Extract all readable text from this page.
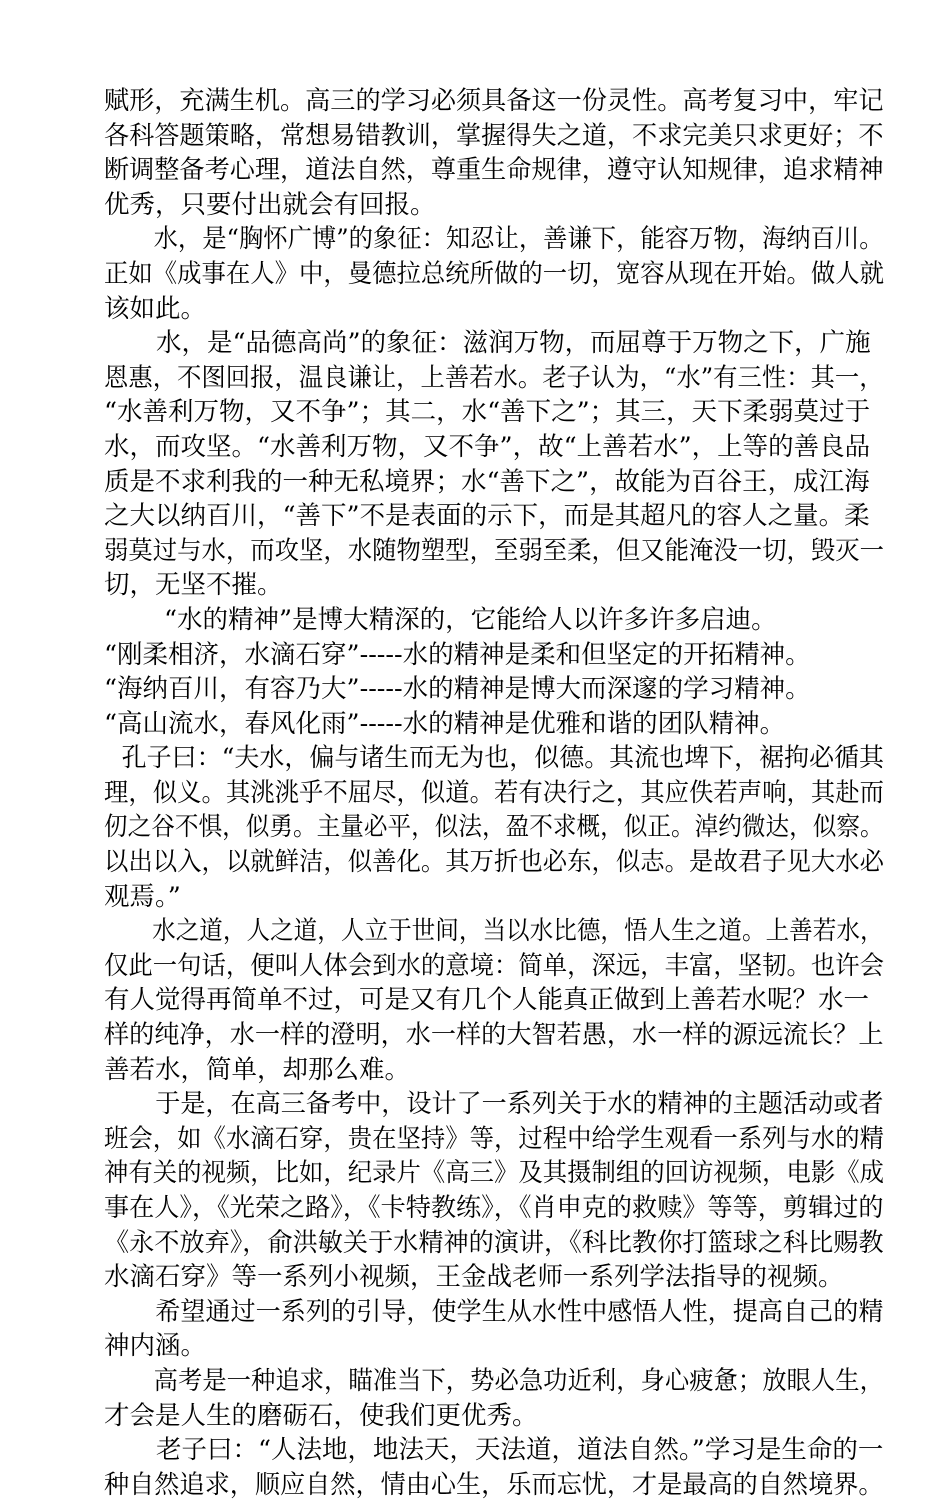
赋形，充满生机。高三的学习必须具备这一份灵性。高考复习中，牢记
各科答题策略，常想易错教训，掌握得失之道，不求完美只求更好；不
断调整备考心理，道法自然，尊重生命规律，遵守认知规律，追求精神
优秀，只要付出就会有回报。
水，是“胸怀广博”的象征：知忍让，善谦下，能容万物，海纳百川。
正如《成事在人》中，曼德拉总统所做的一切，宽容从现在开始。做人就
该如此。
水，是“品德高尚”的象征：滋润万物，而屈尊于万物之下，广施
恩惠，不图回报，温良谦让，上善若水。老子认为，“水”有三性：其一，
“水善利万物，又不争”；其二，水“善下之”；其三，天下柔弱莫过于
水，而攻坚。“水善利万物，又不争”，故“上善若水”，上等的善良品
质是不求利我的一种无私境界；水“善下之”，故能为百谷王，成江海
之大以纳百川，“善下”不是表面的示下，而是其超凡的容人之量。柔
弱莫过与水，而攻坚，水随物塑型，至弱至柔，但又能淹没一切，毁灭一
切，无坚不摧。
“水的精神”是博大精深的，它能给人以许多许多启迪。
“刚柔相济，水滴石穿”-----水的精神是柔和但坚定的开拓精神。
“海纳百川，有容乃大”-----水的精神是博大而深邃的学习精神。
“高山流水，春风化雨”-----水的精神是优雅和谐的团队精神。
孔子曰：“夫水，偏与诸生而无为也，似德。其流也埤下，裾拘必循其
理，似义。其洮洮乎不屈尽，似道。若有决行之，其应佚若声响，其赴而
仞之谷不惧，似勇。主量必平，似法，盈不求概，似正。淖约微达，似察。
以出以入，以就鲜洁，似善化。其万折也必东，似志。是故君子见大水必
观焉。”
水之道，人之道，人立于世间，当以水比德，悟人生之道。上善若水，
仅此一句话，便叫人体会到水的意境：简单，深远，丰富，坚韧。也许会
有人觉得再简单不过，可是又有几个人能真正做到上善若水呢？水一
样的纯净，水一样的澄明，水一样的大智若愚，水一样的源远流长？上
善若水，简单，却那么难。
于是，在高三备考中，设计了一系列关于水的精神的主题活动或者
班会，如《水滴石穿，贵在坚持》等，过程中给学生观看一系列与水的精
神有关的视频，比如，纪录片《高三》及其摄制组的回访视频，电影《成
事在人》，《光荣之路》，《卡特教练》，《肖申克的救赎》等等，剪辑过的
《永不放弃》，俞洪敏关于水精神的演讲，《科比教你打篮球之科比赐教
水滴石穿》等一系列小视频，王金战老师一系列学法指导的视频。
希望通过一系列的引导，使学生从水性中感悟人性，提高自己的精
神内涵。
高考是一种追求，瞄准当下，势必急功近利，身心疲惫；放眼人生，
才会是人生的磨砺石，使我们更优秀。
老子曰：“人法地，地法天，天法道，道法自然。”学习是生命的一
种自然追求，顺应自然，情由心生，乐而忘忧，才是最高的自然境界。
